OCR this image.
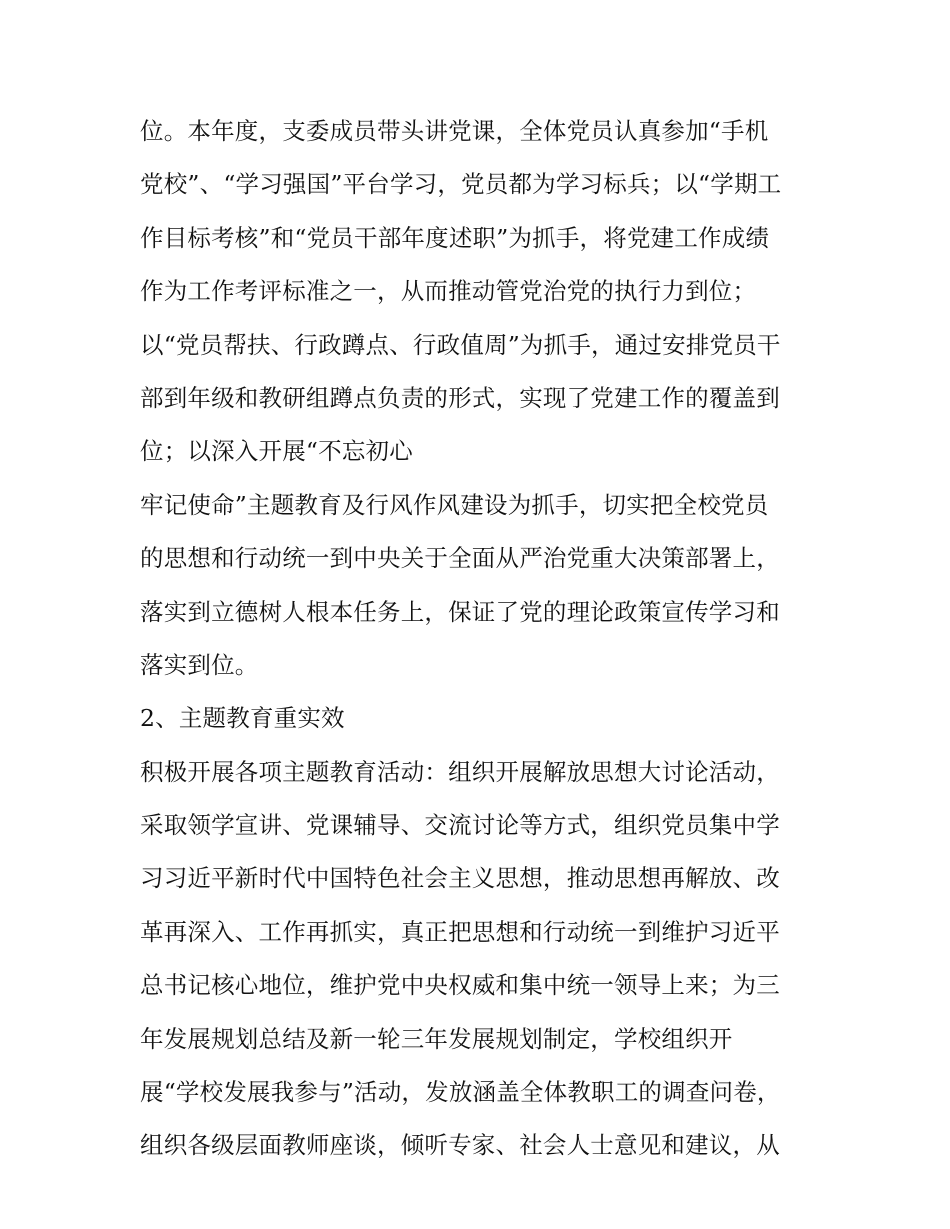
位。本年度，支委成员带头讲党课，全体党员认真参加“手机
党校”、“学习强国”平台学习，党员都为学习标兵；以“学期工
作目标考核”和“党员干部年度述职”为抓手，将党建工作成绩
作为工作考评标准之一，从而推动管党治党的执行力到位；
以“党员帮扶、行政蹲点、行政值周”为抓手，通过安排党员干
部到年级和教研组蹲点负责的形式，实现了党建工作的覆盖到
位；以深入开展“不忘初心
牢记使命”主题教育及行风作风建设为抓手，切实把全校党员
的思想和行动统一到中央关于全面从严治党重大决策部署上，
落实到立德树人根本任务上，保证了党的理论政策宣传学习和
落实到位。
2、主题教育重实效
积极开展各项主题教育活动：组织开展解放思想大讨论活动，
采取领学宣讲、党课辅导、交流讨论等方式，组织党员集中学
习习近平新时代中国特色社会主义思想，推动思想再解放、改
革再深入、工作再抓实，真正把思想和行动统一到维护习近平
总书记核心地位，维护党中央权威和集中统一领导上来；为三
年发展规划总结及新一轮三年发展规划制定，学校组织开
展“学校发展我参与”活动，发放涵盖全体教职工的调查问卷，
组织各级层面教师座谈，倾听专家、社会人士意见和建议，从
